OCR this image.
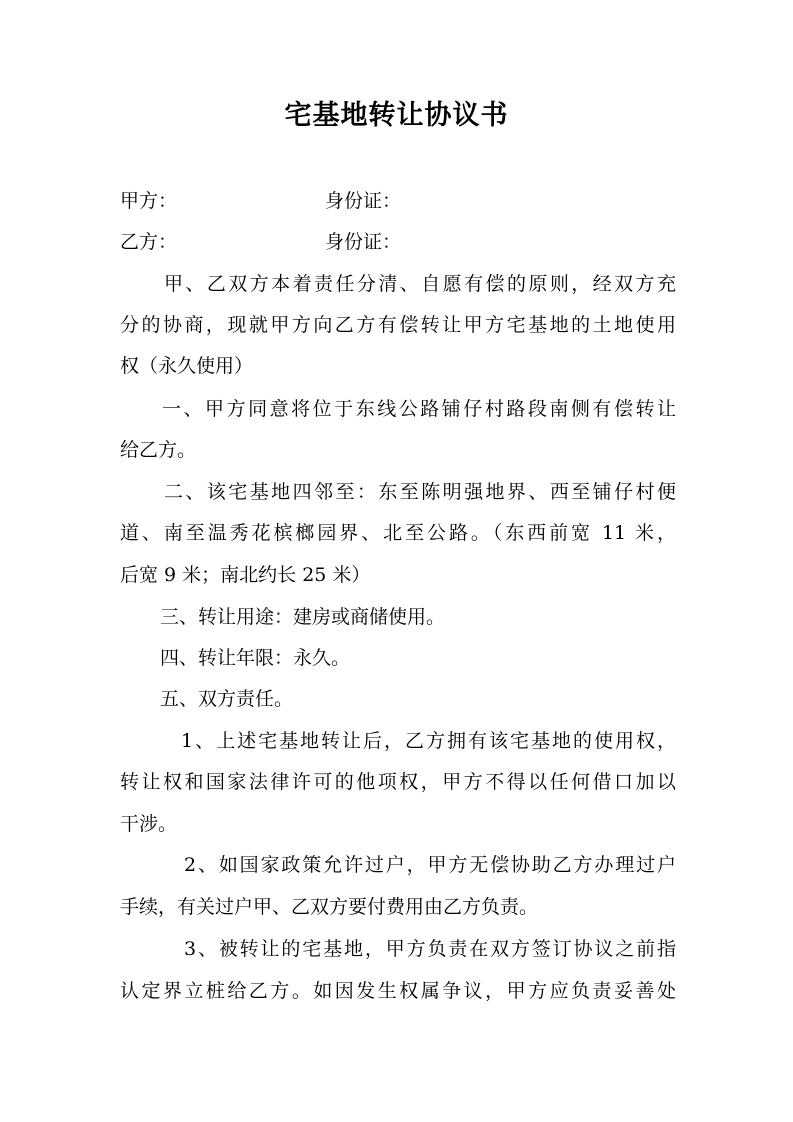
宅基地转让协议书
甲方：	身份证：
乙方：	身份证：
甲、乙双方本着责任分清、自愿有偿的原则，经双方充
分的协商，现就甲方向乙方有偿转让甲方宅基地的土地使用
权（永久使用）
一、甲方同意将位于东线公路铺仔村路段南侧有偿转让
给乙方。
二、该宅基地四邻至：东至陈明强地界、西至铺仔村便
道、南至温秀花槟榔园界、北至公路。（东西前宽 11 米，
后宽 9 米；南北约长 25 米）
三、转让用途：建房或商储使用。
四、转让年限：永久。
五、双方责任。
1、上述宅基地转让后，乙方拥有该宅基地的使用权，
转让权和国家法律许可的他项权，甲方不得以任何借口加以
干涉。
2、如国家政策允许过户，甲方无偿协助乙方办理过户
手续，有关过户甲、乙双方要付费用由乙方负责。
3、被转让的宅基地，甲方负责在双方签订协议之前指
认定界立桩给乙方。如因发生权属争议，甲方应负责妥善处
